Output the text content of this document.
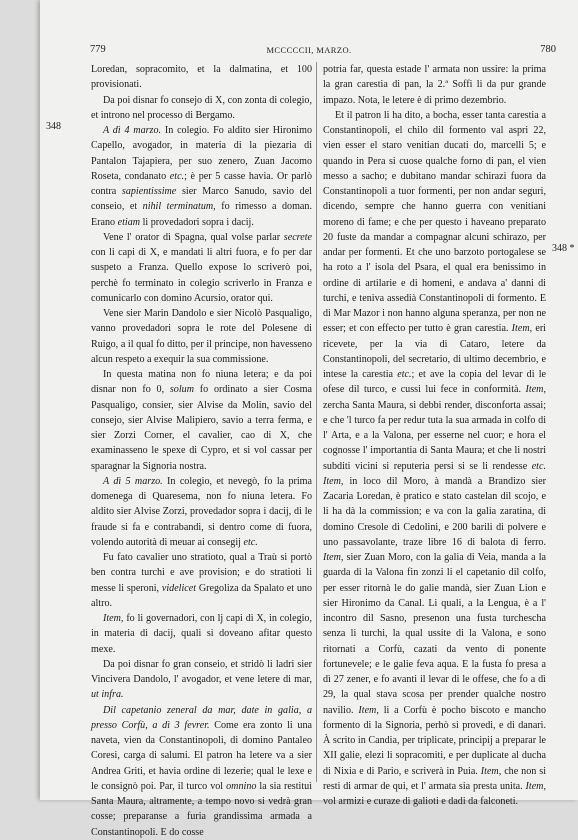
779	MCCCCCII, MARZO.	780
348
348 *

Loredan, sopracomito, et la dalmatina, et 100 provisionati.

Da poi disnar fo consejo di X, con zonta di colegio, et introno nel processo di Bergamo.

A dì 4 marzo. In colegio. Fo aldito sier Hironimo Capello, avogador, in materia di la piezaria di Pantalon Tajapiera, per suo zenero, Zuan Jacomo Roseta, condanato etc.; è per 5 casse havia. Or parlò contra sapientissime sier Marco Sanudo, savio del conseio, et nihil terminatum, fo rimesso a doman. Erano etiam li provedadori sopra i dacij.

Vene l' orator di Spagna, qual volse parlar secrete con li capi di X, e mandati li altri fuora, e fo per dar suspeto a Franza. Quello expose lo scriverò poi, perchè fo terminato in colegio scriverlo in Franza e comunicarlo con domino Acursio, orator qui.

Vene sier Marin Dandolo e sier Nicolò Pasqualigo, vanno provedadori sopra le rote del Polesene di Ruigo, a il qual fo ditto, per il principe, non havesseno alcun respeto a exequir la sua commissione.

In questa matina non fo niuna letera; e da poi disnar non fo 0, solum fo ordinato a sier Cosma Pasqualigo, consier, sier Alvise da Molin, savio del consejo, sier Alvise Malipiero, savio a terra ferma, e sier Zorzi Corner, el cavalier, cao di X, che examinasseno le spexe di Cypro, et si vol cassar per sparagnar la Signoria nostra.

A dì 5 marzo. In colegio, et nevegò, fo la prima domenega di Quaresema, non fo niuna letera. Fo aldito sier Alvise Zorzi, provedador sopra i dacij, di le fraude si fa e contrabandi, si dentro come di fuora, volendo autorità di meuar ai consegij etc.

Fu fato cavalier uno stratioto, qual a Traù si portò ben contra turchi e ave provision; e do stratioti li messe li speroni, videlicet Gregoliza da Spalato et uno altro.

Item, fo li governadori, con lj capi di X, in colegio, in materia di dacij, quali si doveano afitar questo mexe.

Da poi disnar fo gran conseio, et stridò li ladri sier Vincivera Dandolo, l' avogador, et vene letere di mar, ut infra.

Dil capetanio zeneral da mar, date in galia, a presso Corfù, a dì 3 fevrer. Come era zonto li una naveta, vien da Constantinopoli, di domino Pantaleo Coresi, carga di salumi. El patron ha letere va a sier Andrea Griti, et havia ordine di lezerie; qual le lexe e le consignò poi. Par, il turco vol omnino la sia restituì Santa Maura, altramente, a tempo novo si vedrà gran cosse; preparanse a furia grandissima armada a Constantinopoli. E do cosse

potria far, questa estade l' armata non ussire: la prima la gran carestia di pan, la 2.ª Soffi li da pur grande impazo. Nota, le letere è di primo dezembrio.

Et il patron li ha dito, a bocha, esser tanta carestia a Constantinopoli, el chilo dil formento val aspri 22, vien esser el staro venitian ducati do, marcelli 5; e quando in Pera si cuose qualche forno di pan, el vien messo a sacho; e dubitano mandar schirazi fuora da Constantinopoli a tuor formenti, per non andar seguri, dicendo, sempre che hanno guerra con venitiani moreno di fame; e che per questo i haveano preparato 20 fuste da mandar a compagnar alcuni schirazo, per andar per formenti. Et che uno barzoto portogalese se ha roto a l' isola del Psara, el qual era benissimo in ordine di artilarie e di homeni, e andava a' danni di turchi, e teniva assedià Constantinopoli di formento. E di Mar Mazor i non hanno alguna speranza, per non ne esser; et con effecto per tutto è gran carestia. Item, eri ricevete, per la via di Cataro, letere da Constantinopoli, del secretario, di ultimo decembrio, e intese la carestia etc.; et ave la copia del levar di le ofese dil turco, e cussi lui fece in conformità. Item, zercha Santa Maura, si debbi render, disconforta assai; e che 'l turco fa per redur tuta la sua armada in colfo di l' Arta, e a la Valona, per esserne nel cuor; e hora el cognosse l' importantia di Santa Maura; et che li nostri subditi vicini si reputeria persi si se li rendesse etc. Item, in loco dil Moro, à mandà a Brandizo sier Zacaria Loredan, è pratico e stato castelan dil scojo, e li ha dà la commission; e va con la galia zaratina, di domino Cresole di Cedolini, e 200 barili di polvere e uno passavolante, traze libre 16 di balota di ferro. Item, sier Zuan Moro, con la galia di Veia, manda a la guarda di la Valona fin zonzi li el capetanio dil colfo, per esser ritornà le do galie mandà, sier Zuan Lion e sier Hironimo da Canal. Li quali, a la Lengua, è a l' incontro dil Sasno, presenon una fusta turchescha senza li turchi, la qual ussite di la Valona, e sono ritornati a Corfù, cazati da vento di ponente fortunevele; e le galie feva aqua. E la fusta fo presa a dì 27 zener, e fo avanti il levar di le offese, che fo a dì 29, la qual stava scosa per prender qualche nostro navilio. Item, li a Corfù è pocho biscoto e mancho formento di la Signoria, perhò si provedi, e di danari. À scrito in Candia, per triplicate, principij a preparar le XII galie, elezi li sopracomiti, e per duplicate al ducha di Nixia e di Pario, e scriverà in Puia. Item, che non si resti di armar de qui, et l' armata sia presta unita. Item, vol armizi e curaze di galioti e dadi da falconeti.
